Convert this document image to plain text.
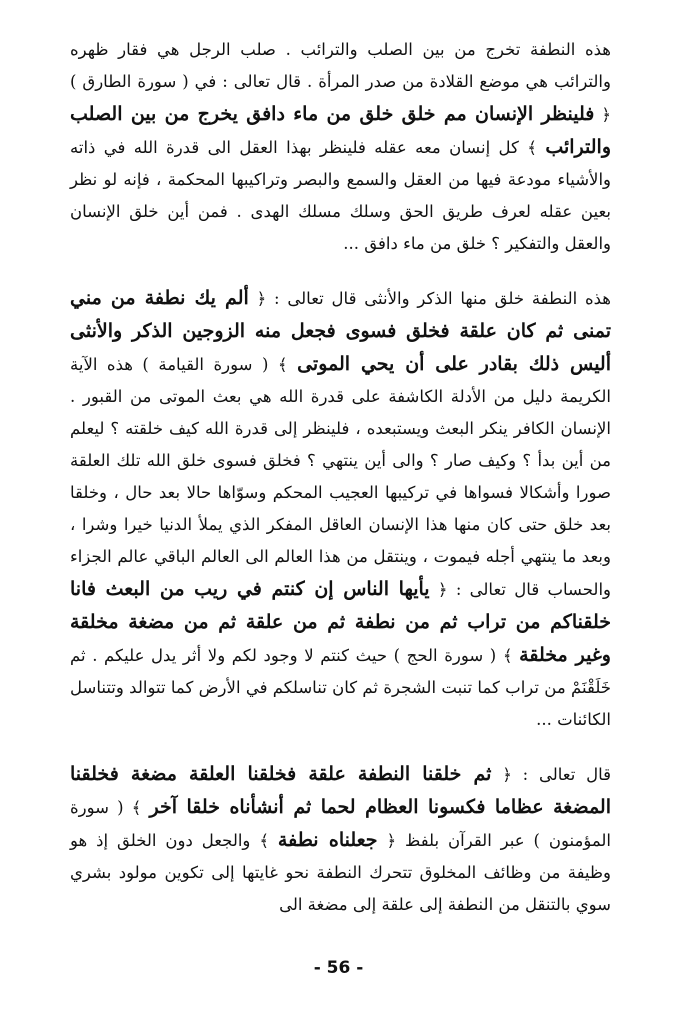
هذه النطفة تخرج من بين الصلب والترائب . صلب الرجل هي فقار ظهره والترائب هي موضع القلادة من صدر المرأة . قال تعالى : في ( سورة الطارق ) ﴿ فلينظر الإنسان مم خلق خلق من ماء دافق يخرج من بين الصلب والترائب ﴾ كل إنسان معه عقله فلينظر بهذا العقل الى قدرة الله في ذاته والأشياء مودعة فيها من العقل والسمع والبصر وتراكيبها المحكمة ، فإنه لو نظر بعين عقله لعرف طريق الحق وسلك مسلك الهدى . فمن أين خلق الإنسان والعقل والتفكير ؟ خلق من ماء دافق ...

هذه النطفة خلق منها الذكر والأنثى قال تعالى : ﴿ ألم يك نطفة من مني تمنى ثم كان علقة فخلق فسوى فجعل منه الزوجين الذكر والأنثى أليس ذلك بقادر على أن يحي الموتى ﴾ ( سورة القيامة ) هذه الآية الكريمة دليل من الأدلة الكاشفة على قدرة الله هي بعث الموتى من القبور . الإنسان الكافر ينكر البعث ويستبعده ، فلينظر إلى قدرة الله كيف خلقته ؟ ليعلم من أين بدأ ؟ وكيف صار ؟ والى أين ينتهي ؟ فخلق فسوى خلق الله تلك العلقة صورا وأشكالا فسواها في تركيبها العجيب المحكم وسوّاها حالا بعد حال ، وخلقا بعد خلق حتى كان منها هذا الإنسان العاقل المفكر الذي يملأ الدنيا خيرا وشرا ، وبعد ما ينتهي أجله فيموت ، وينتقل من هذا العالم الى العالم الباقي عالم الجزاء والحساب قال تعالى : ﴿ يأيها الناس إن كنتم في ريب من البعث فانا خلقناكم من تراب ثم من نطفة ثم من علقة ثم من مضغة مخلقة وغير مخلقة ﴾ ( سورة الحج ) حيث كنتم لا وجود لكم ولا أثر يدل عليكم . ثم خَلَقْنَمْ من تراب كما تنبت الشجرة ثم كان تناسلكم في الأرض كما تتوالد وتتناسل الكائنات ...

قال تعالى : ﴿ ثم خلقنا النطفة علقة فخلقنا العلقة مضغة فخلقنا المضغة عظاما فكسونا العظام لحما ثم أنشأناه خلقا آخر ﴾ ( سورة المؤمنون ) عبر القرآن بلفظ ﴿ جعلناه نطفة ﴾ والجعل دون الخلق إذ هو وظيفة من وظائف المخلوق تتحرك النطفة نحو غايتها إلى تكوين مولود بشري سوي بالتنقل من النطفة إلى علقة إلى مضغة الى

- 56 -
